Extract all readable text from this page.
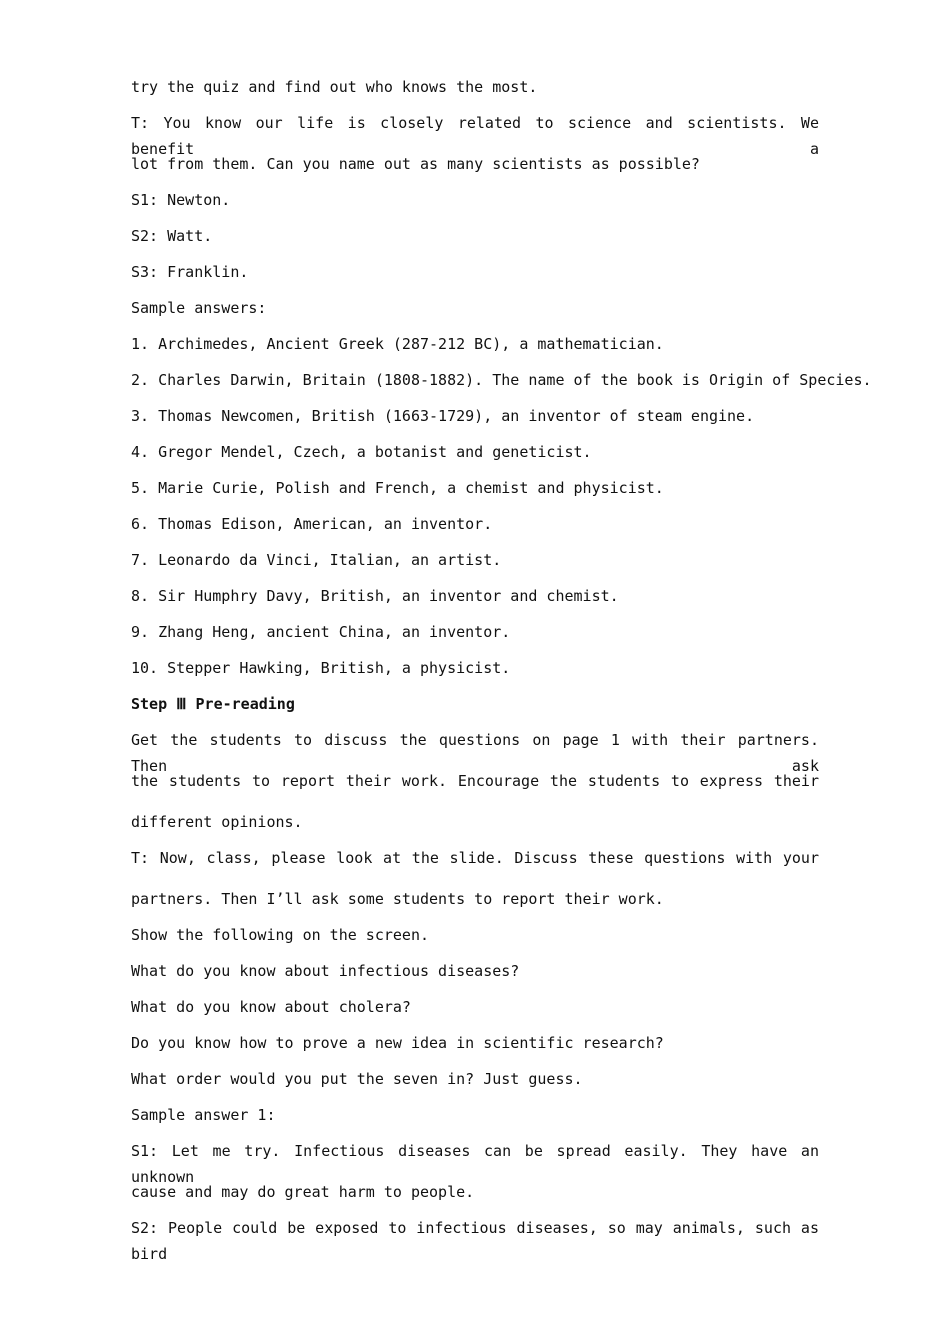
try the quiz and find out who knows the most.
T: You know our life is closely related to science and scientists. We benefit a
lot from them. Can you name out as many scientists as possible?
S1: Newton.
S2: Watt.
S3: Franklin.
Sample answers:
1. Archimedes, Ancient Greek (287-212 BC), a mathematician.
2. Charles Darwin, Britain (1808-1882). The name of the book is Origin of Species.
3. Thomas Newcomen, British (1663-1729), an inventor of steam engine.
4. Gregor Mendel, Czech, a botanist and geneticist.
5. Marie Curie, Polish and French, a chemist and physicist.
6. Thomas Edison, American, an inventor.
7. Leonardo da Vinci, Italian, an artist.
8. Sir Humphry Davy, British, an inventor and chemist.
9. Zhang Heng, ancient China, an inventor.
10. Stepper Hawking, British, a physicist.
Step Ⅲ Pre-reading
Get the students to discuss the questions on page 1 with their partners. Then ask
the students to report their work. Encourage the students to express their
different opinions.
T: Now, class, please look at the slide. Discuss these questions with your
partners. Then I’ll ask some students to report their work.
Show the following on the screen.
What do you know about infectious diseases?
What do you know about cholera?
Do you know how to prove a new idea in scientific research?
What order would you put the seven in? Just guess.
Sample answer 1:
S1: Let me try. Infectious diseases can be spread easily. They have an unknown
cause and may do great harm to people.
S2: People could be exposed to infectious diseases, so may animals, such as bird
